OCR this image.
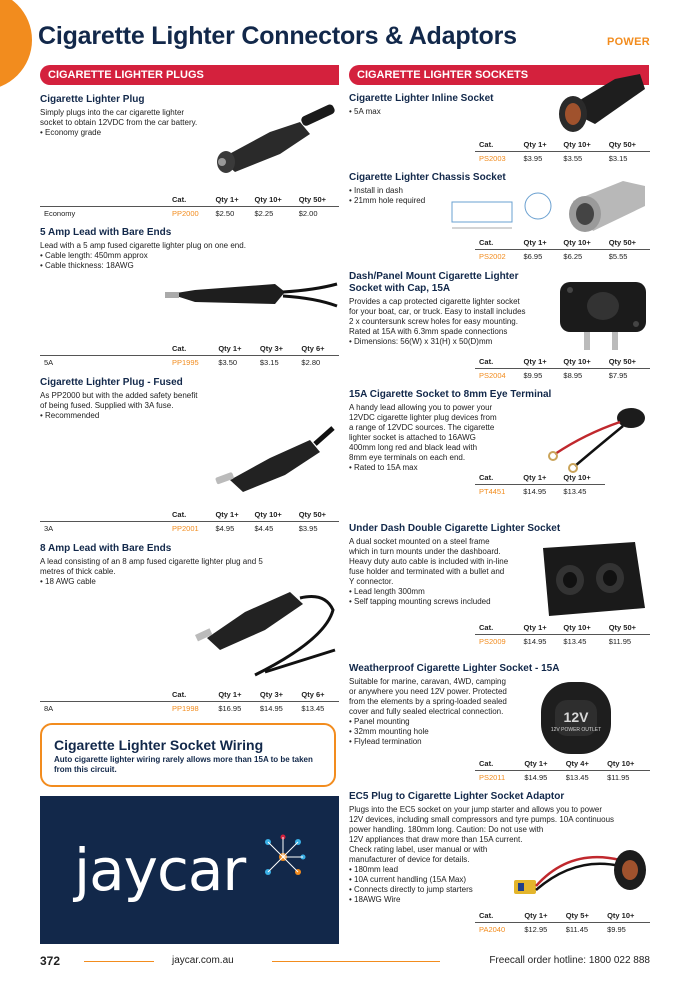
Cigarette Lighter Connectors & Adaptors	POWER
CIGARETTE LIGHTER PLUGS	CIGARETTE LIGHTER SOCKETS
Cigarette Lighter Plug
Simply plugs into the car cigarette lighter
socket to obtain 12VDC from the car battery.
• Economy grade
	Cat.	Qty 1+	Qty 10+	Qty 50+
Economy	PP2000	$2.50	$2.25	$2.00
5 Amp Lead with Bare Ends
Lead with a 5 amp fused cigarette lighter plug on one end.
• Cable length: 450mm approx
• Cable thickness: 18AWG
	Cat.	Qty 1+	Qty 3+	Qty 6+
5A	PP1995	$3.50	$3.15	$2.80
Cigarette Lighter Plug - Fused
As PP2000 but with the added safety benefit
of being fused. Supplied with 3A fuse.
• Recommended
	Cat.	Qty 1+	Qty 10+	Qty 50+
3A	PP2001	$4.95	$4.45	$3.95
8 Amp Lead with Bare Ends
A lead consisting of an 8 amp fused cigarette lighter plug and 5
metres of thick cable.
• 18 AWG cable
	Cat.	Qty 1+	Qty 3+	Qty 6+
8A	PP1998	$16.95	$14.95	$13.45
Cigarette Lighter Socket Wiring

Auto cigarette lighter wiring rarely allows more than 15A to be taken from this circuit.

jaycar
Cigarette Lighter Inline Socket
• 5A max
Cat.	Qty 1+	Qty 10+	Qty 50+
PS2003	$3.95	$3.55	$3.15
Cigarette Lighter Chassis Socket
• Install in dash
• 21mm hole required
Cat.	Qty 1+	Qty 10+	Qty 50+
PS2002	$6.95	$6.25	$5.55
Dash/Panel Mount Cigarette Lighter
Socket with Cap, 15A
Provides a cap protected cigarette lighter socket
for your boat, car, or truck. Easy to install includes
2 x countersunk screw holes for easy mounting.
Rated at 15A with 6.3mm spade connections
• Dimensions: 56(W) x 31(H) x 50(D)mm
Cat.	Qty 1+	Qty 10+	Qty 50+
PS2004	$9.95	$8.95	$7.95
15A Cigarette Socket to 8mm Eye Terminal
A handy lead allowing you to power your
12VDC cigarette lighter plug devices from
a range of 12VDC sources. The cigarette
lighter socket is attached to 16AWG
400mm long red and black lead with
8mm eye terminals on each end.
• Rated to 15A max
Cat.	Qty 1+	Qty 10+
PT4451	$14.95	$13.45
Under Dash Double Cigarette Lighter Socket
A dual socket mounted on a steel frame
which in turn mounts under the dashboard.
Heavy duty auto cable is included with in-line
fuse holder and terminated with a bullet and
Y connector.
• Lead length 300mm
• Self tapping mounting screws included
Cat.	Qty 1+	Qty 10+	Qty 50+
PS2009	$14.95	$13.45	$11.95
Weatherproof Cigarette Lighter Socket - 15A
Suitable for marine, caravan, 4WD, camping
or anywhere you need 12V power. Protected
from the elements by a spring-loaded sealed
cover and fully sealed electrical connection.
• Panel mounting
• 32mm mounting hole
• Flylead termination
12V
12V POWER OUTLET
Cat.	Qty 1+	Qty 4+	Qty 10+
PS2011	$14.95	$13.45	$11.95
EC5 Plug to Cigarette Lighter Socket Adaptor
Plugs into the EC5 socket on your jump starter and allows you to power
12V devices, including small compressors and tyre pumps. 10A continuous
power handling. 180mm long. Caution: Do not use with
12V appliances that draw more than 15A current.
Check rating label, user manual or with
manufacturer of device for details.
• 180mm lead
• 10A current handling (15A Max)
• Connects directly to jump starters
• 18AWG Wire
Cat.	Qty 1+	Qty 5+	Qty 10+
PA2040	$12.95	$11.45	$9.95
372	jaycar.com.au	Freecall order hotline: 1800 022 888
